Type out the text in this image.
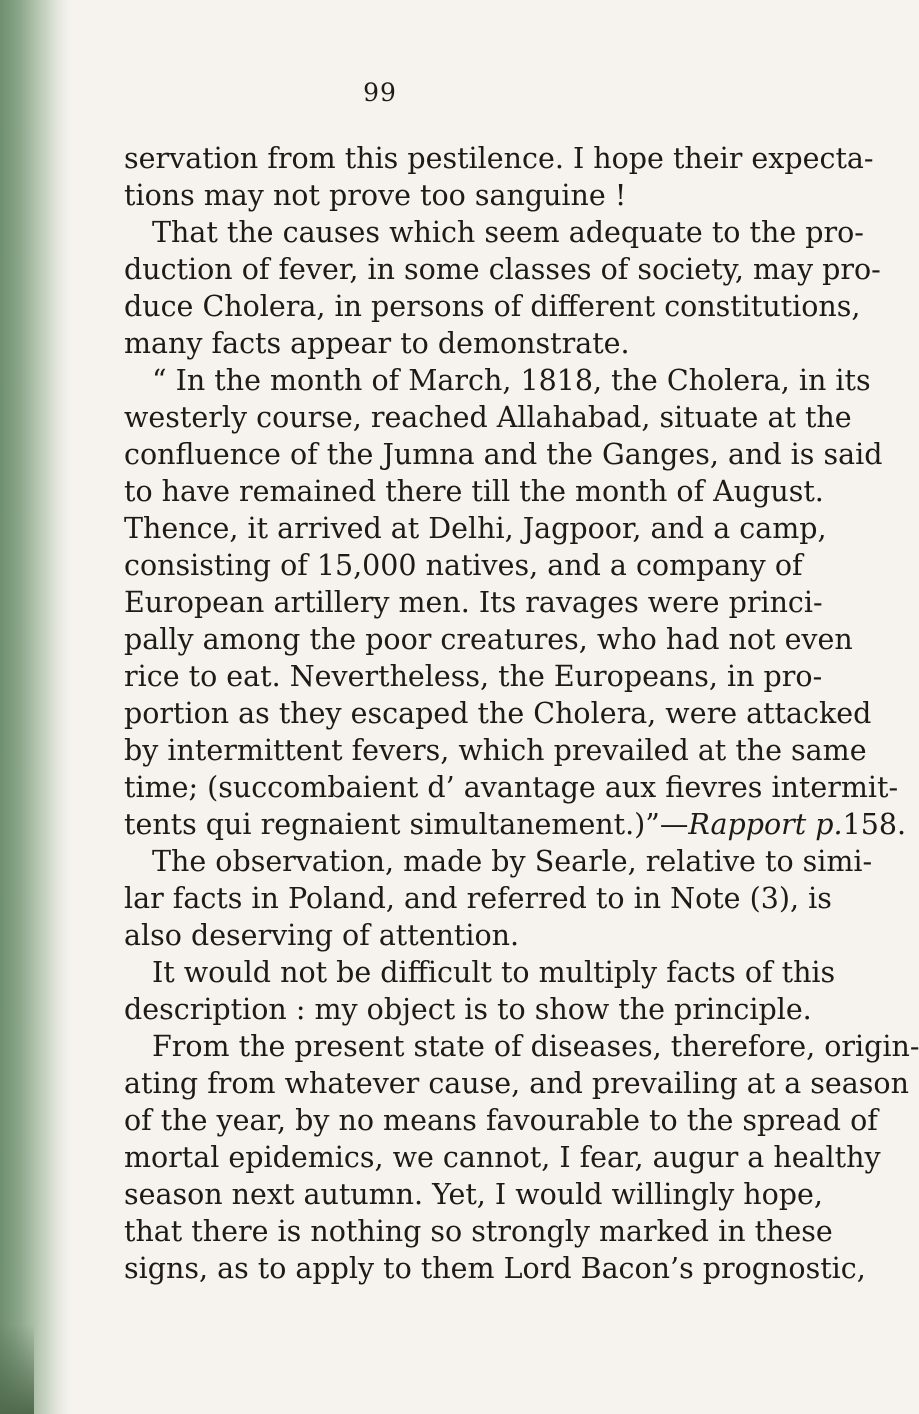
99
servation from this pestilence. I hope their expecta-
tions may not prove too sanguine !
That the causes which seem adequate to the pro-
duction of fever, in some classes of society, may pro-
duce Cholera, in persons of different constitutions,
many facts appear to demonstrate.
“ In the month of March, 1818, the Cholera, in its
westerly course, reached Allahabad, situate at the
confluence of the Jumna and the Ganges, and is said
to have remained there till the month of August.
Thence, it arrived at Delhi, Jagpoor, and a camp,
consisting of 15,000 natives, and a company of
European artillery men. Its ravages were princi-
pally among the poor creatures, who had not even
rice to eat. Nevertheless, the Europeans, in pro-
portion as they escaped the Cholera, were attacked
by intermittent fevers, which prevailed at the same
time; (succombaient d’ avantage aux fievres intermit-
tents qui regnaient simultanement.)”—Rapport p.158.
The observation, made by Searle, relative to simi-
lar facts in Poland, and referred to in Note (3), is
also deserving of attention.
It would not be difficult to multiply facts of this
description : my object is to show the principle.
From the present state of diseases, therefore, origin-
ating from whatever cause, and prevailing at a season
of the year, by no means favourable to the spread of
mortal epidemics, we cannot, I fear, augur a healthy
season next autumn. Yet, I would willingly hope,
that there is nothing so strongly marked in these
signs, as to apply to them Lord Bacon’s prognostic,
